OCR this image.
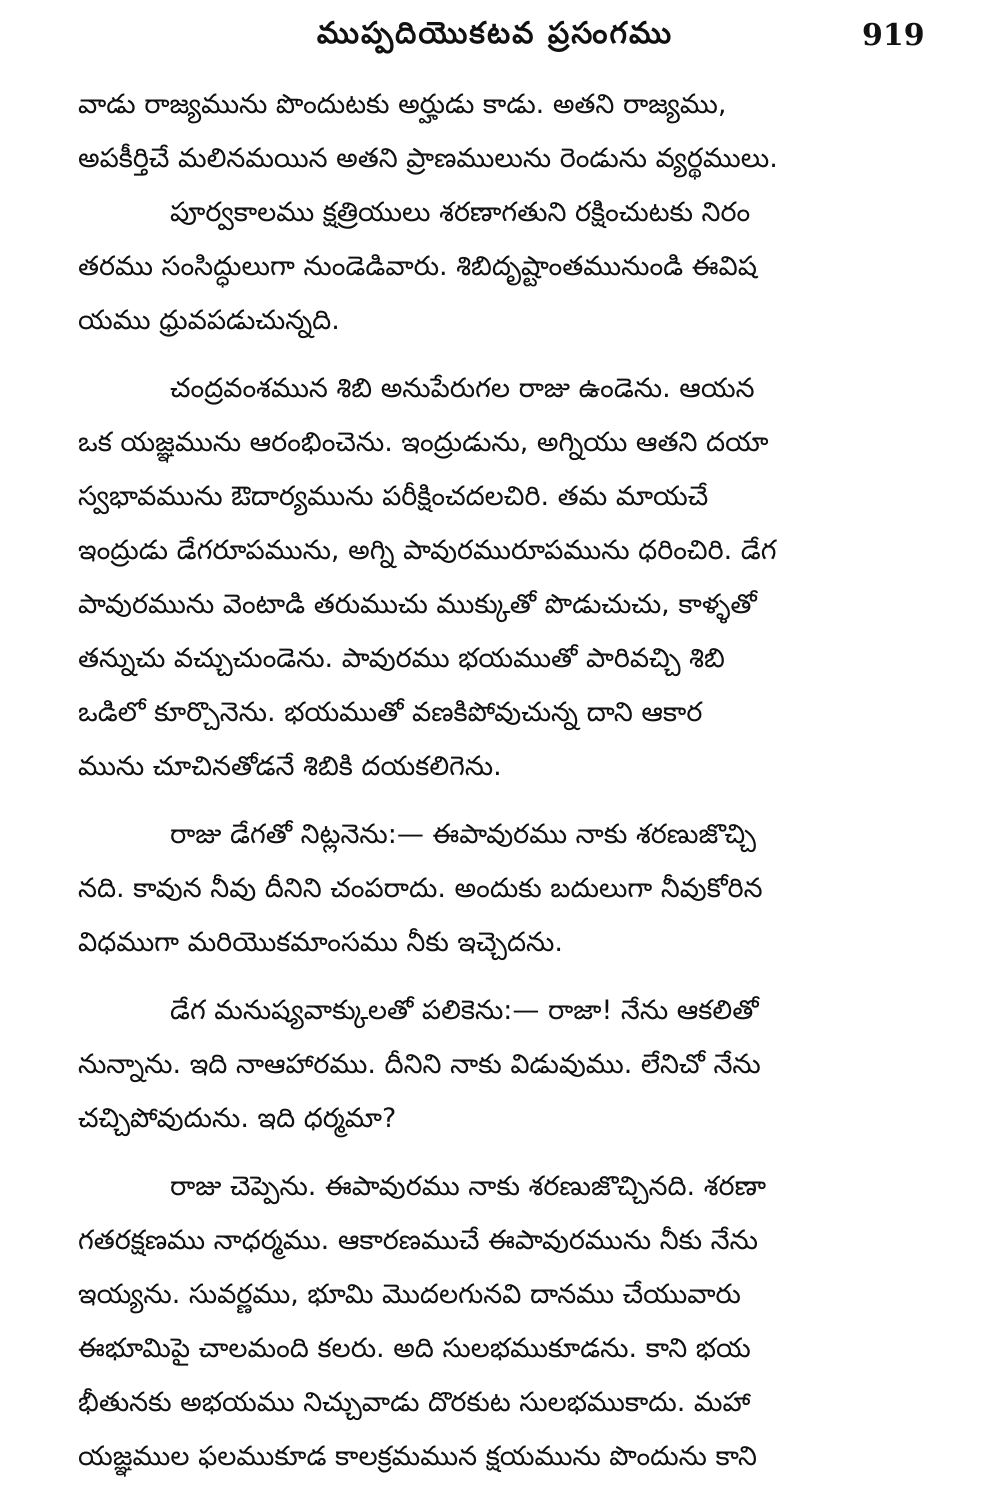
ముప్పదియొకటవ ప్రసంగము	919
వాడు రాజ్యమును పొందుటకు అర్హుడు కాడు. అతని రాజ్యము,
అపకీర్తిచే మలినమయిన అతని ప్రాణములును రెండును వ్యర్థములు.
పూర్వకాలము క్షత్రియులు శరణాగతుని రక్షించుటకు నిరం
తరము సంసిద్ధులుగా నుండెడివారు. శిబిదృష్టాంతమునుండి ఈవిష
యము ధ్రువపడుచున్నది.
చంద్రవంశమున శిబి అనుపేరుగల రాజు ఉండెను. ఆయన
ఒక యజ్ఞమును ఆరంభించెను. ఇంద్రుడును, అగ్నియు ఆతని దయా
స్వభావమును ఔదార్యమును పరీక్షించదలచిరి. తమ మాయచే
ఇంద్రుడు డేగరూపమును, అగ్ని పావురమురూపమును ధరించిరి. డేగ
పావురమును వెంటాడి తరుముచు ముక్కుతో పొడుచుచు, కాళ్ళతో
తన్నుచు వచ్చుచుండెను. పావురము భయముతో పారివచ్చి శిబి
ఒడిలో కూర్చొనెను. భయముతో వణకిపోవుచున్న దాని ఆకార
మును చూచినతోడనే శిబికి దయకలిగెను.
రాజు డేగతో నిట్లనెను:— ఈపావురము నాకు శరణుజొచ్చి
నది. కావున నీవు దీనిని చంపరాదు. అందుకు బదులుగా నీవుకోరిన
విధముగా మరియొకమాంసము నీకు ఇచ్చెదను.
డేగ మనుష్యవాక్కులతో పలికెను:— రాజా! నేను ఆకలితో
నున్నాను. ఇది నాఆహారము. దీనిని నాకు విడువుము. లేనిచో నేను
చచ్చిపోవుదును. ఇది ధర్మమా?
రాజు చెప్పెను. ఈపావురము నాకు శరణుజొచ్చినది. శరణా
గతరక్షణము నాధర్మము. ఆకారణముచే ఈపావురమును నీకు నేను
ఇయ్యను. సువర్ణము, భూమి మొదలగునవి దానము చేయువారు
ఈభూమిపై చాలమంది కలరు. అది సులభముకూడను. కాని భయ
భీతునకు అభయము నిచ్చువాడు దొరకుట సులభముకాదు. మహా
యజ్ఞముల ఫలముకూడ కాలక్రమమున క్షయమును పొందును కాని
